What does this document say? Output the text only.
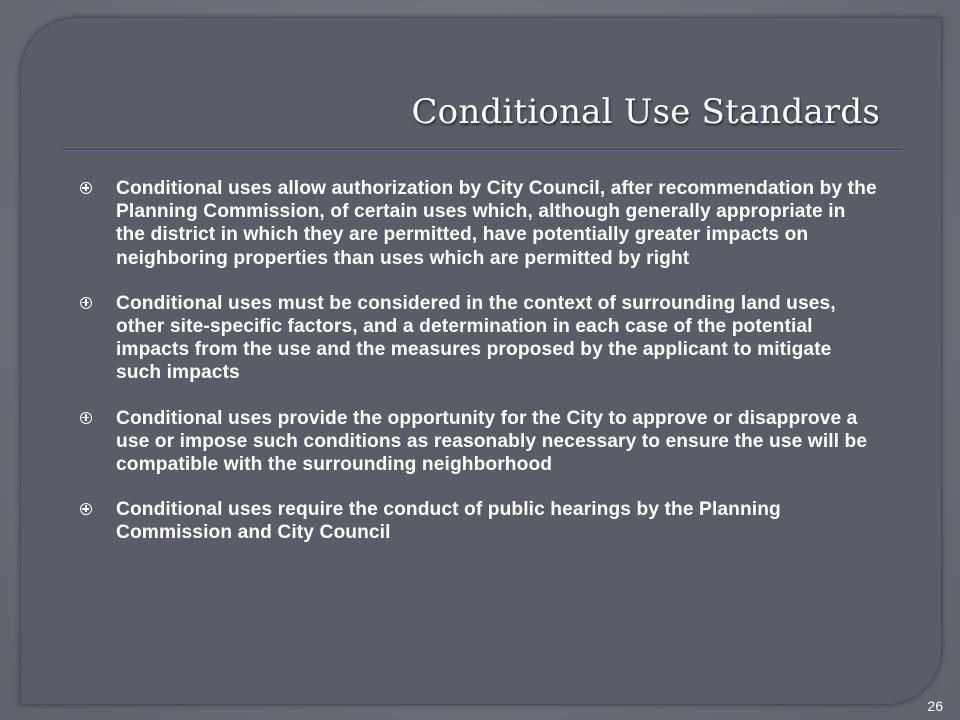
Conditional Use Standards
Conditional uses allow authorization by City Council, after recommendation by the Planning Commission, of certain uses which, although generally appropriate in the district in which they are permitted, have potentially greater impacts on neighboring properties than uses which are permitted by right
Conditional uses must be considered in the context of surrounding land uses, other site-specific factors, and a determination in each case of the potential impacts from the use and the measures proposed by the applicant to mitigate such impacts
Conditional uses provide the opportunity for the City to approve or disapprove a use or impose such conditions as reasonably necessary to ensure the use will be compatible with the surrounding neighborhood
Conditional uses require the conduct of public hearings by the Planning Commission and City Council
26
